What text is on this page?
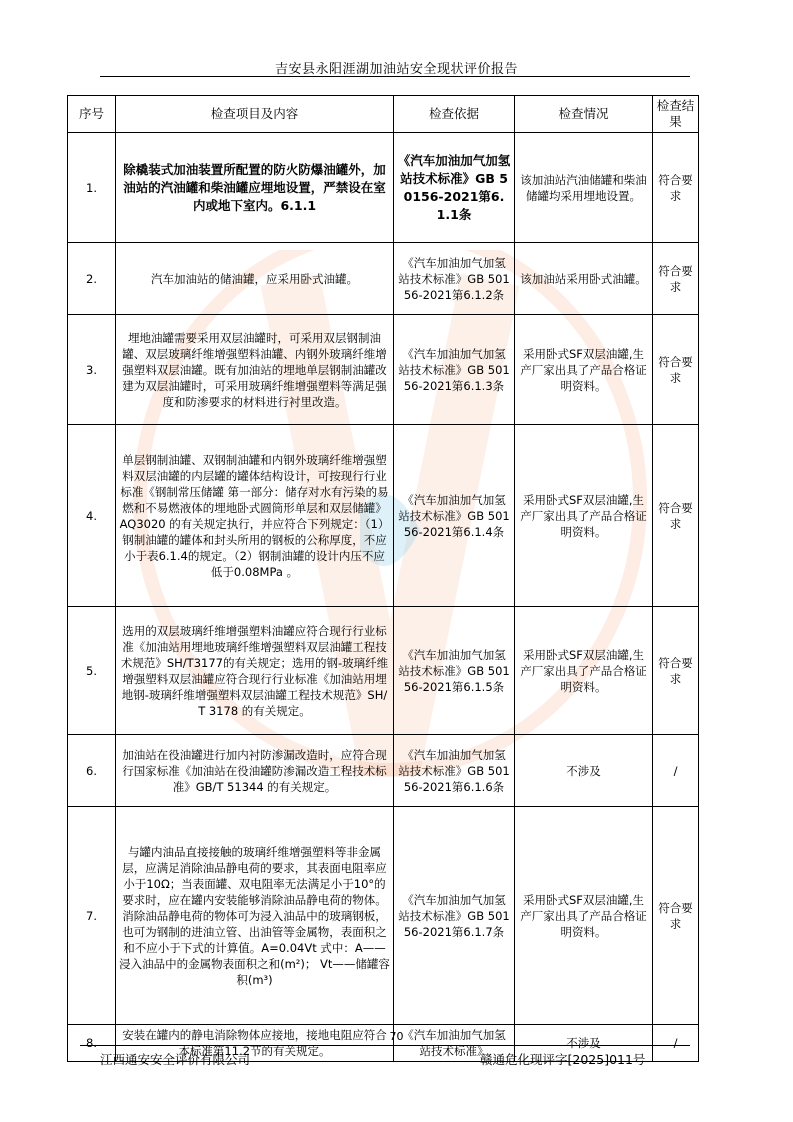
吉安县永阳涯湖加油站安全现状评价报告
序号	检查项目及内容	检查依据	检查情况	检查结果
1.	除橇装式加油装置所配置的防火防爆油罐外，加油站的汽油罐和柴油罐应埋地设置，严禁设在室内或地下室内。6.1.1	《汽车加油加气加氢站技术标准》GB 50156-2021第6.1.1条	该加油站汽油储罐和柴油储罐均采用埋地设置。	符合要求
2.	汽车加油站的储油罐，应采用卧式油罐。	《汽车加油加气加氢站技术标准》GB 50156-2021第6.1.2条	该加油站采用卧式油罐。	符合要求
3.	埋地油罐需要采用双层油罐时，可采用双层钢制油罐、双层玻璃纤维增强塑料油罐、内钢外玻璃纤维增强塑料双层油罐。既有加油站的埋地单层钢制油罐改建为双层油罐时，可采用玻璃纤维增强塑料等满足强度和防渗要求的材料进行衬里改造。	《汽车加油加气加氢站技术标准》GB 50156-2021第6.1.3条	采用卧式SF双层油罐,生产厂家出具了产品合格证明资料。	符合要求
4.	单层钢制油罐、双钢制油罐和内钢外玻璃纤维增强塑料双层油罐的内层罐的罐体结构设计，可按现行行业标准《钢制常压储罐 第一部分：储存对水有污染的易燃和不易燃液体的埋地卧式圆筒形单层和双层储罐》AQ3020 的有关规定执行，并应符合下列规定：（1）钢制油罐的罐体和封头所用的钢板的公称厚度，不应小于表6.1.4的规定。（2）钢制油罐的设计内压不应低于0.08MPa 。	《汽车加油加气加氢站技术标准》GB 50156-2021第6.1.4条	采用卧式SF双层油罐,生产厂家出具了产品合格证明资料。	符合要求
5.	选用的双层玻璃纤维增强塑料油罐应符合现行行业标准《加油站用埋地玻璃纤维增强塑料双层油罐工程技术规范》SH/T3177的有关规定；选用的钢-玻璃纤维增强塑料双层油罐应符合现行行业标准《加油站用埋地钢-玻璃纤维增强塑料双层油罐工程技术规范》SH/T 3178 的有关规定。	《汽车加油加气加氢站技术标准》GB 50156-2021第6.1.5条	采用卧式SF双层油罐,生产厂家出具了产品合格证明资料。	符合要求
6.	加油站在役油罐进行加内衬防渗漏改造时，应符合现行国家标准《加油站在役油罐防渗漏改造工程技术标准》GB/T 51344 的有关规定。	《汽车加油加气加氢站技术标准》GB 50156-2021第6.1.6条	不涉及	/
7.	与罐内油品直接接触的玻璃纤维增强塑料等非金属层，应满足消除油品静电荷的要求，其表面电阻率应小于10Ω；当表面罐、双电阻率无法满足小于10°的要求时，应在罐内安装能够消除油品静电荷的物体。消除油品静电荷的物体可为浸入油品中的玻璃钢板，也可为钢制的进油立管、出油管等金属物，表面积之和不应小于下式的计算值。A=0.04Vt 式中：A——浸入油品中的金属物表面积之和(m²)； Vt——储罐容积(m³)	《汽车加油加气加氢站技术标准》GB 50156-2021第6.1.7条	采用卧式SF双层油罐,生产厂家出具了产品合格证明资料。	符合要求
8.	安装在罐内的静电消除物体应接地，接地电阻应符合本标准第11.2节的有关规定。	《汽车加油加气加氢站技术标准》	不涉及	/
70
江西通安安全评价有限公司	赣通危化现评字[2025]011号
